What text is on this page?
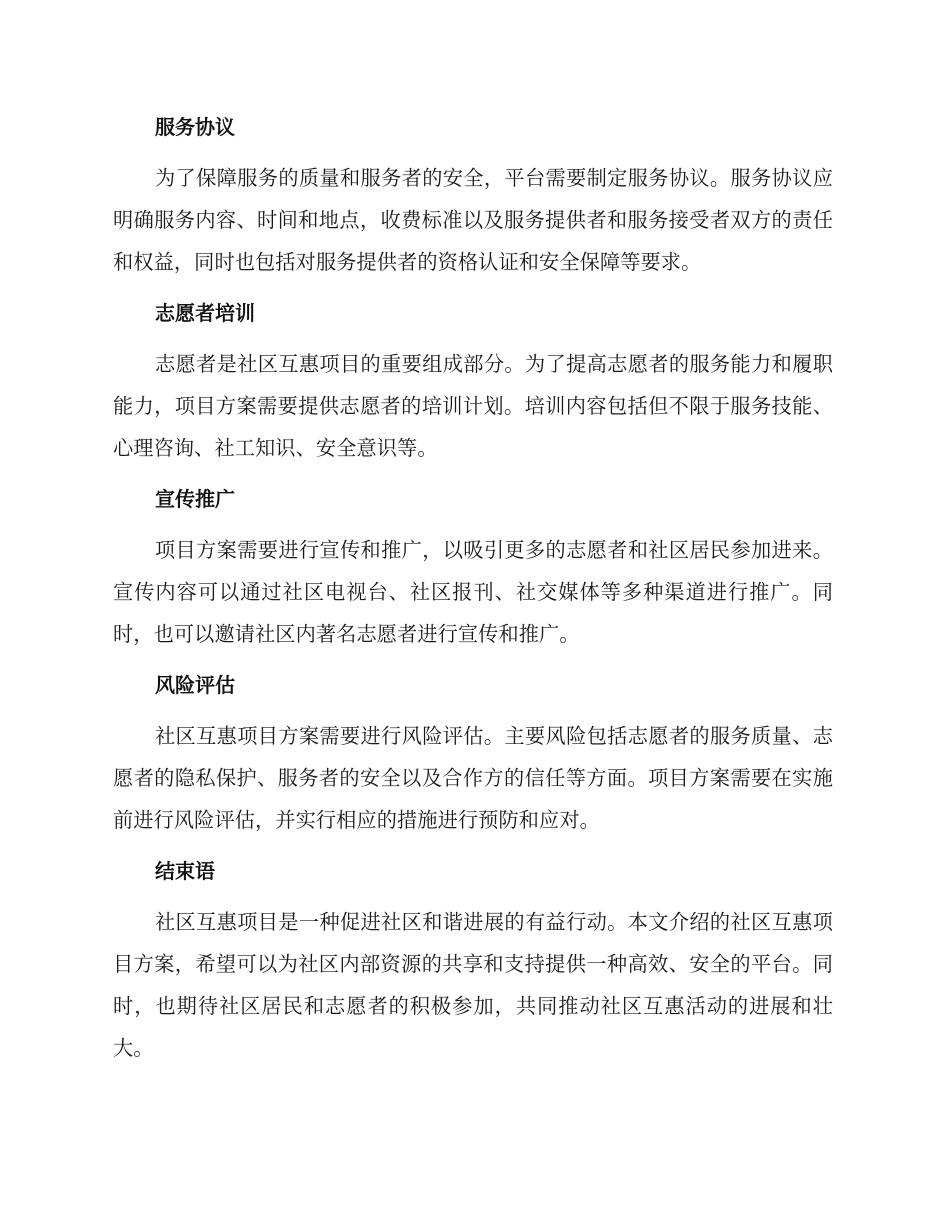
服务协议

为了保障服务的质量和服务者的安全，平台需要制定服务协议。服务协议应明确服务内容、时间和地点，收费标准以及服务提供者和服务接受者双方的责任和权益，同时也包括对服务提供者的资格认证和安全保障等要求。

志愿者培训

志愿者是社区互惠项目的重要组成部分。为了提高志愿者的服务能力和履职能力，项目方案需要提供志愿者的培训计划。培训内容包括但不限于服务技能、心理咨询、社工知识、安全意识等。

宣传推广

项目方案需要进行宣传和推广，以吸引更多的志愿者和社区居民参加进来。宣传内容可以通过社区电视台、社区报刊、社交媒体等多种渠道进行推广。同时，也可以邀请社区内著名志愿者进行宣传和推广。

风险评估

社区互惠项目方案需要进行风险评估。主要风险包括志愿者的服务质量、志愿者的隐私保护、服务者的安全以及合作方的信任等方面。项目方案需要在实施前进行风险评估，并实行相应的措施进行预防和应对。

结束语

社区互惠项目是一种促进社区和谐进展的有益行动。本文介绍的社区互惠项目方案，希望可以为社区内部资源的共享和支持提供一种高效、安全的平台。同时，也期待社区居民和志愿者的积极参加，共同推动社区互惠活动的进展和壮大。
